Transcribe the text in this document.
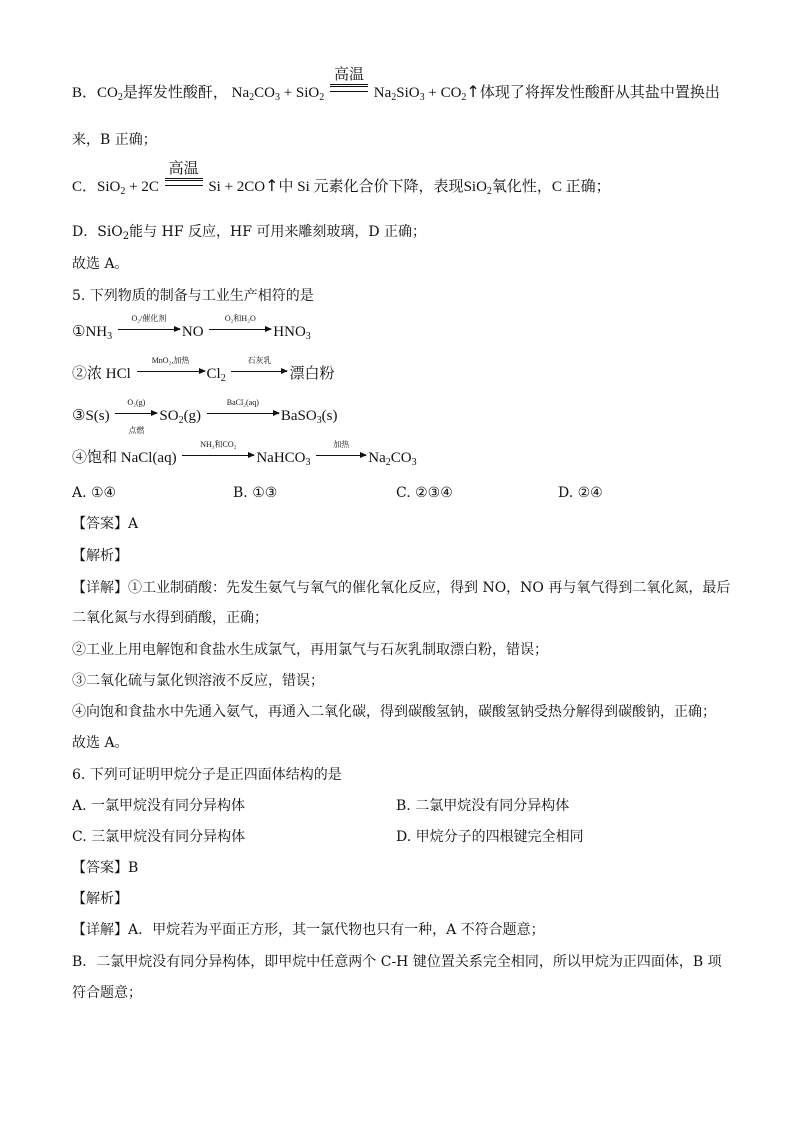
B．$CO_2$是挥发性酸酐， $Na_2CO_3 + SiO_2$
高温
$Na_2SiO_3$ + $CO_2↑$体现了将挥发性酸酐从其盐中置换出
来，B 正确；
C．SiO$_2$ + 2C
高温
Si + 2CO↑中 Si 元素化合价下降，表现SiO$_2$氧化性，C 正确；
D．SiO$_2$能与 HF 反应，HF 可用来雕刻玻璃，D 正确；
故选 A。
5. 下列物质的制备与工业生产相符的是
$①NH_3$
O₂/催化剂
NO
O₂和H₂O
$HNO_3$
②浓 HCl
MnO₂,加热
$Cl_2$
石灰乳
漂白粉
③S(s)
O₂(g)
点燃
$SO_2(g)$
BaCl₂(aq)
BaSO$_3$(s)
④饱和 NaCl(aq)
NH₃和CO₂
NaHCO$_3$
加热
$Na_2CO_3$
A. ①④	B. ①③	C. ②③④	D. ②④
【答案】A
【解析】
【详解】①工业制硝酸：先发生氨气与氧气的催化氧化反应，得到 NO，NO 再与氧气得到二氧化氮，最后
二氧化氮与水得到硝酸，正确；
②工业上用电解饱和食盐水生成氯气，再用氯气与石灰乳制取漂白粉，错误；
③二氧化硫与氯化钡溶液不反应，错误；
④向饱和食盐水中先通入氨气，再通入二氧化碳，得到碳酸氢钠，碳酸氢钠受热分解得到碳酸钠，正确；
故选 A。
6. 下列可证明甲烷分子是正四面体结构的是
A. 一氯甲烷没有同分异构体	B. 二氯甲烷没有同分异构体
C. 三氯甲烷没有同分异构体	D. 甲烷分子的四根键完全相同
【答案】B
【解析】
【详解】A．甲烷若为平面正方形，其一氯代物也只有一种，A 不符合题意；
B．二氯甲烷没有同分异构体，即甲烷中任意两个 C-H 键位置关系完全相同，所以甲烷为正四面体，B 项
符合题意；
